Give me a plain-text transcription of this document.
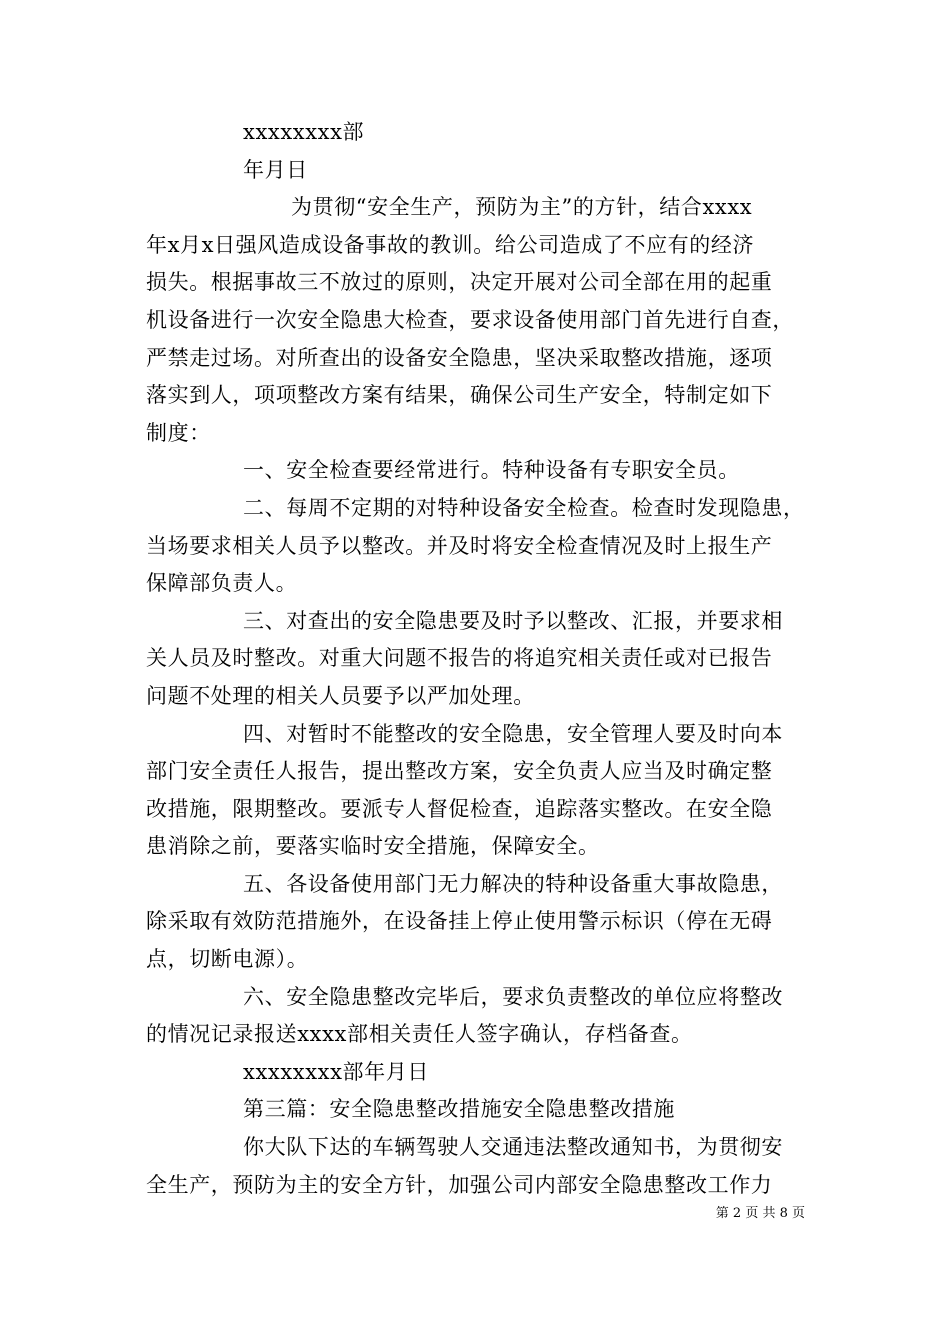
xxxxxxxx部
年月日
为贯彻“安全生产，预防为主”的方针，结合xxxx
年x月x日强风造成设备事故的教训。给公司造成了不应有的经济
损失。根据事故三不放过的原则，决定开展对公司全部在用的起重
机设备进行一次安全隐患大检查，要求设备使用部门首先进行自查，
严禁走过场。对所查出的设备安全隐患，坚决采取整改措施，逐项
落实到人，项项整改方案有结果，确保公司生产安全，特制定如下
制度：
一、安全检查要经常进行。特种设备有专职安全员。
二、每周不定期的对特种设备安全检查。检查时发现隐患，
当场要求相关人员予以整改。并及时将安全检查情况及时上报生产
保障部负责人。
三、对查出的安全隐患要及时予以整改、汇报，并要求相
关人员及时整改。对重大问题不报告的将追究相关责任或对已报告
问题不处理的相关人员要予以严加处理。
四、对暂时不能整改的安全隐患，安全管理人要及时向本
部门安全责任人报告，提出整改方案，安全负责人应当及时确定整
改措施，限期整改。要派专人督促检查，追踪落实整改。在安全隐
患消除之前，要落实临时安全措施，保障安全。
五、各设备使用部门无力解决的特种设备重大事故隐患，
除采取有效防范措施外，在设备挂上停止使用警示标识（停在无碍
点，切断电源）。
六、安全隐患整改完毕后，要求负责整改的单位应将整改
的情况记录报送xxxx部相关责任人签字确认，存档备查。
xxxxxxxx部年月日
第三篇：安全隐患整改措施安全隐患整改措施
你大队下达的车辆驾驶人交通违法整改通知书，为贯彻安
全生产，预防为主的安全方针，加强公司内部安全隐患整改工作力
第 2 页 共 8 页
